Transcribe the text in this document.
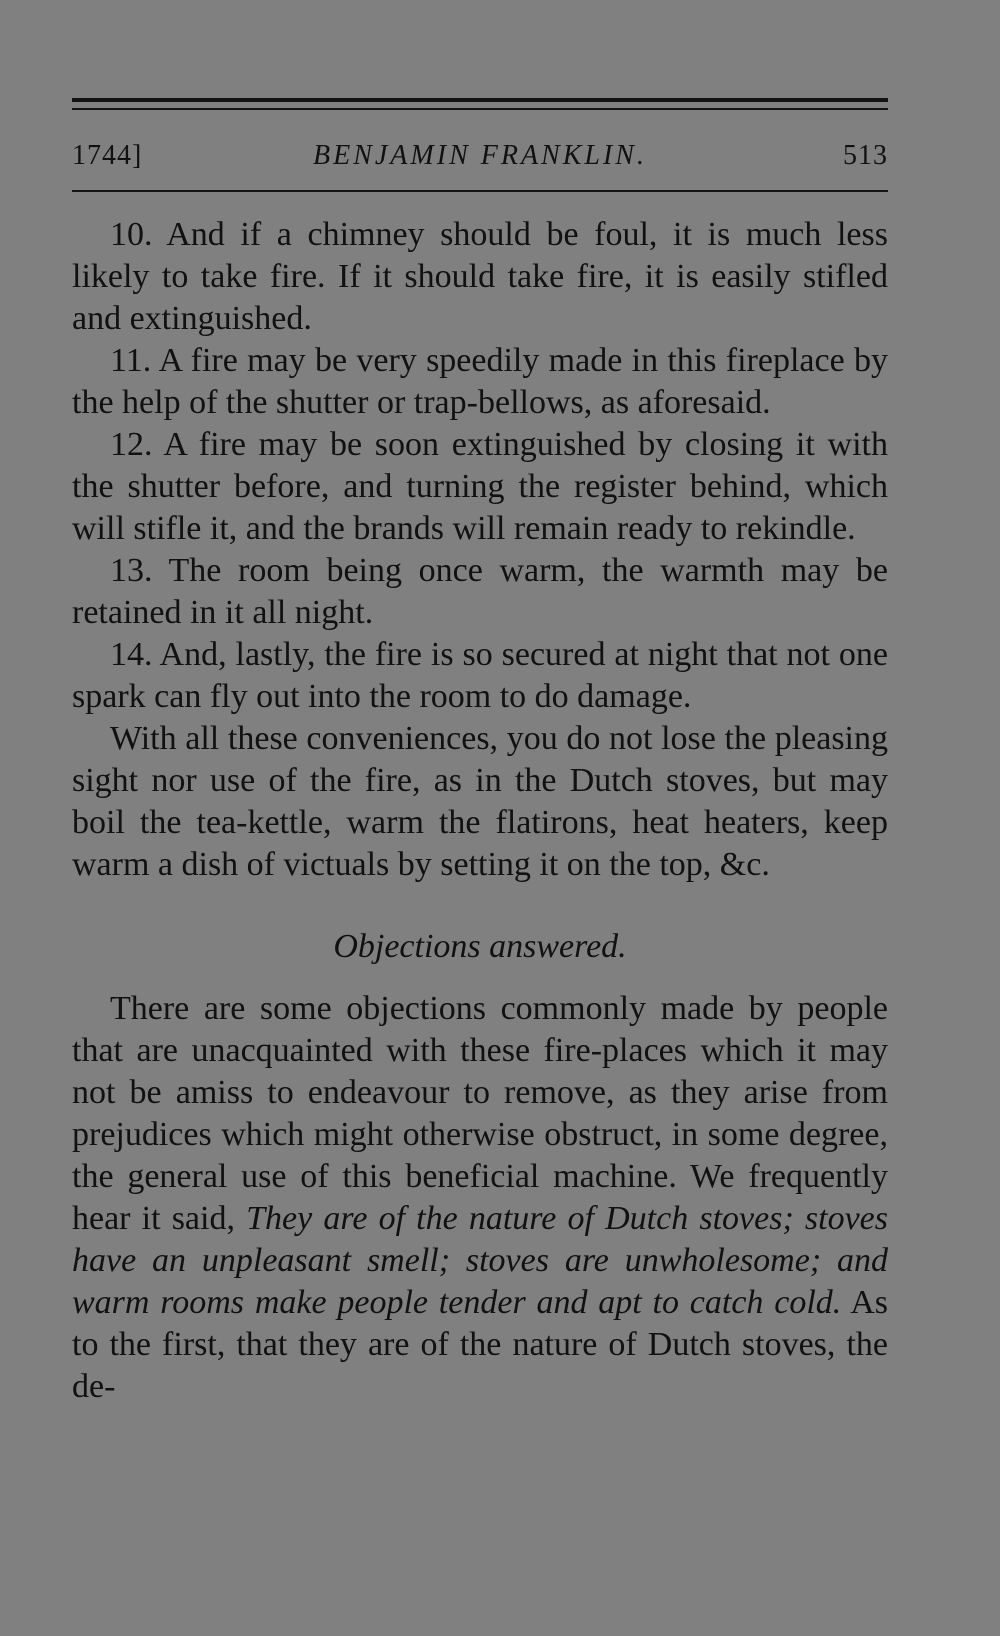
1744]	BENJAMIN FRANKLIN.	513

10. And if a chimney should be foul, it is much less likely to take fire. If it should take fire, it is easily stifled and extinguished.

11. A fire may be very speedily made in this fireplace by the help of the shutter or trap-bellows, as aforesaid.

12. A fire may be soon extinguished by closing it with the shutter before, and turning the register behind, which will stifle it, and the brands will remain ready to rekindle.

13. The room being once warm, the warmth may be retained in it all night.

14. And, lastly, the fire is so secured at night that not one spark can fly out into the room to do damage.

With all these conveniences, you do not lose the pleasing sight nor use of the fire, as in the Dutch stoves, but may boil the tea-kettle, warm the flatirons, heat heaters, keep warm a dish of victuals by setting it on the top, &c.

Objections answered.

There are some objections commonly made by people that are unacquainted with these fire-places which it may not be amiss to endeavour to remove, as they arise from prejudices which might otherwise obstruct, in some degree, the general use of this beneficial machine. We frequently hear it said, They are of the nature of Dutch stoves; stoves have an unpleasant smell; stoves are unwholesome; and warm rooms make people tender and apt to catch cold. As to the first, that they are of the nature of Dutch stoves, the de-
